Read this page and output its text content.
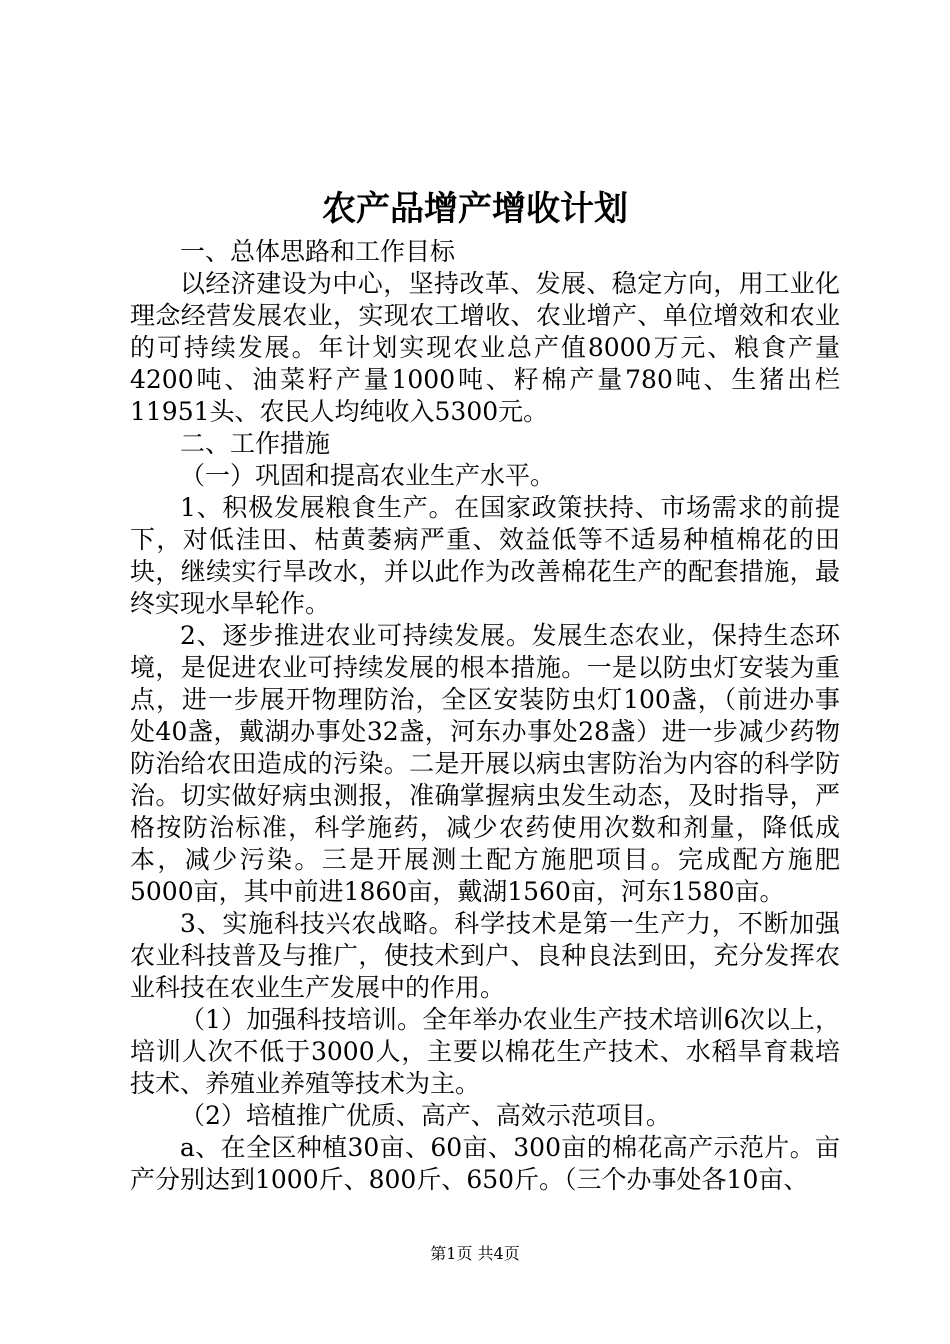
农产品增产增收计划

一、总体思路和工作目标

以经济建设为中心，坚持改革、发展、稳定方向，用工业化理念经营发展农业，实现农工增收、农业增产、单位增效和农业的可持续发展。年计划实现农业总产值8000万元、粮食产量4200吨、油菜籽产量1000吨、籽棉产量780吨、生猪出栏11951头、农民人均纯收入5300元。

二、工作措施

（一）巩固和提高农业生产水平。

1、积极发展粮食生产。在国家政策扶持、市场需求的前提下，对低洼田、枯黄萎病严重、效益低等不适易种植棉花的田块，继续实行旱改水，并以此作为改善棉花生产的配套措施，最终实现水旱轮作。

2、逐步推进农业可持续发展。发展生态农业，保持生态环境，是促进农业可持续发展的根本措施。一是以防虫灯安装为重点，进一步展开物理防治，全区安装防虫灯100盏，（前进办事处40盏，戴湖办事处32盏，河东办事处28盏）进一步减少药物防治给农田造成的污染。二是开展以病虫害防治为内容的科学防治。切实做好病虫测报，准确掌握病虫发生动态，及时指导，严格按防治标准，科学施药，减少农药使用次数和剂量，降低成本，减少污染。三是开展测土配方施肥项目。完成配方施肥5000亩，其中前进1860亩，戴湖1560亩，河东1580亩。

3、实施科技兴农战略。科学技术是第一生产力，不断加强农业科技普及与推广，使技术到户、良种良法到田，充分发挥农业科技在农业生产发展中的作用。

（1）加强科技培训。全年举办农业生产技术培训6次以上，培训人次不低于3000人，主要以棉花生产技术、水稻旱育栽培技术、养殖业养殖等技术为主。

（2）培植推广优质、高产、高效示范项目。

a、在全区种植30亩、60亩、300亩的棉花高产示范片。亩产分别达到1000斤、800斤、650斤。（三个办事处各10亩、

第1页 共4页
